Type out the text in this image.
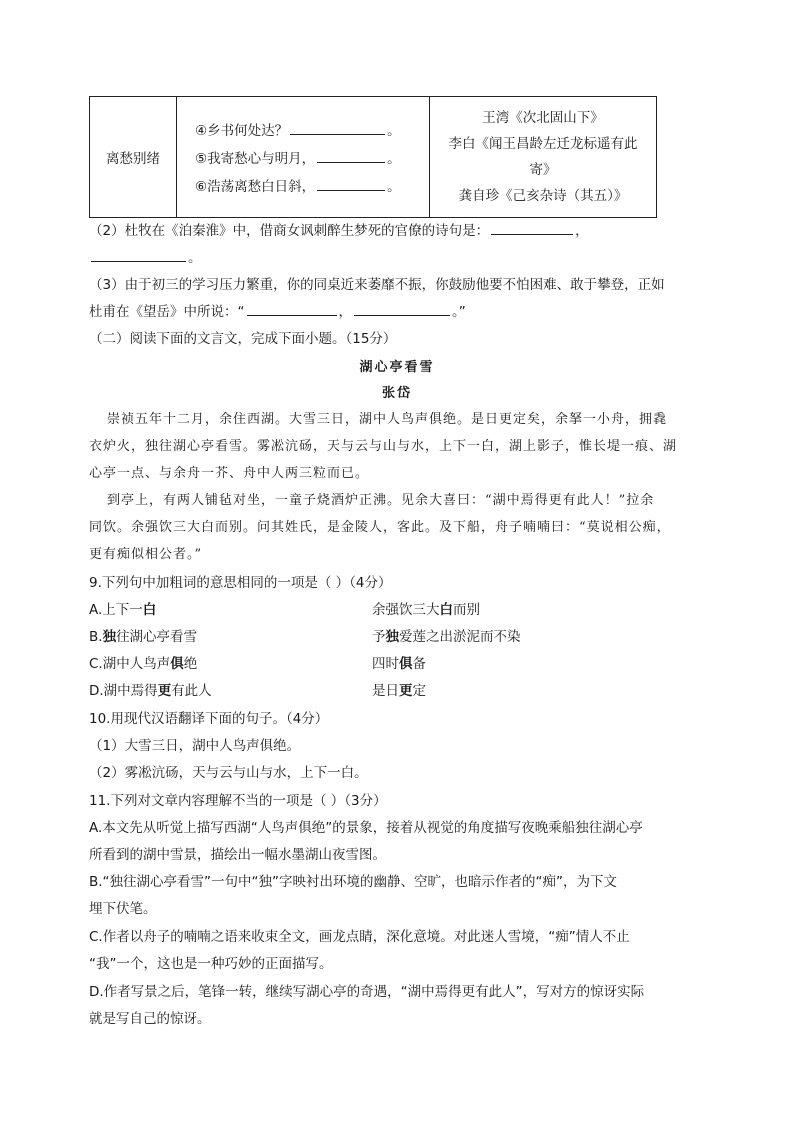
离愁别绪
④乡书何处达？	。
⑤我寄愁心与明月，	。
⑥浩荡离愁白日斜，	。
王湾《次北固山下》
李白《闻王昌龄左迁龙标遥有此
寄》
龚自珍《己亥杂诗（其五）》
（2）杜牧在《泊秦淮》中，借商女讽刺醉生梦死的官僚的诗句是：	，
。
（3）由于初三的学习压力繁重，你的同桌近来萎靡不振，你鼓励他要不怕困难、敢于攀登，正如
杜甫在《望岳》中所说：“	，	。”
（二）阅读下面的文言文，完成下面小题。（15分）
湖心亭看雪
张岱
崇祯五年十二月，余住西湖。大雪三日，湖中人鸟声俱绝。是日更定矣，余拏一小舟，拥毳
衣炉火，独往湖心亭看雪。雾凇沆砀，天与云与山与水，上下一白，湖上影子，惟长堤一痕、湖
心亭一点、与余舟一芥、舟中人两三粒而已。
到亭上，有两人铺毡对坐，一童子烧酒炉正沸。见余大喜曰：“湖中焉得更有此人！”拉余
同饮。余强饮三大白而别。问其姓氏，是金陵人，客此。及下船，舟子喃喃曰：“莫说相公痴，
更有痴似相公者。”
9.下列句中加粗词的意思相同的一项是（ ）（4分）
A.上下一白	余强饮三大白而别
B.独往湖心亭看雪	予独爱莲之出淤泥而不染
C.湖中人鸟声俱绝	四时俱备
D.湖中焉得更有此人	是日更定
10.用现代汉语翻译下面的句子。（4分）
（1）大雪三日，湖中人鸟声俱绝。
（2）雾凇沆砀，天与云与山与水，上下一白。
11.下列对文章内容理解不当的一项是（ ）（3分）
A.本文先从听觉上描写西湖“人鸟声俱绝”的景象，接着从视觉的角度描写夜晚乘船独往湖心亭
所看到的湖中雪景，描绘出一幅水墨湖山夜雪图。
B.“独往湖心亭看雪”一句中“独”字映衬出环境的幽静、空旷，也暗示作者的“痴”，为下文
埋下伏笔。
C.作者以舟子的喃喃之语来收束全文，画龙点睛，深化意境。对此迷人雪境，“痴”情人不止
“我”一个，这也是一种巧妙的正面描写。
D.作者写景之后，笔锋一转，继续写湖心亭的奇遇，“湖中焉得更有此人”，写对方的惊讶实际
就是写自己的惊讶。
